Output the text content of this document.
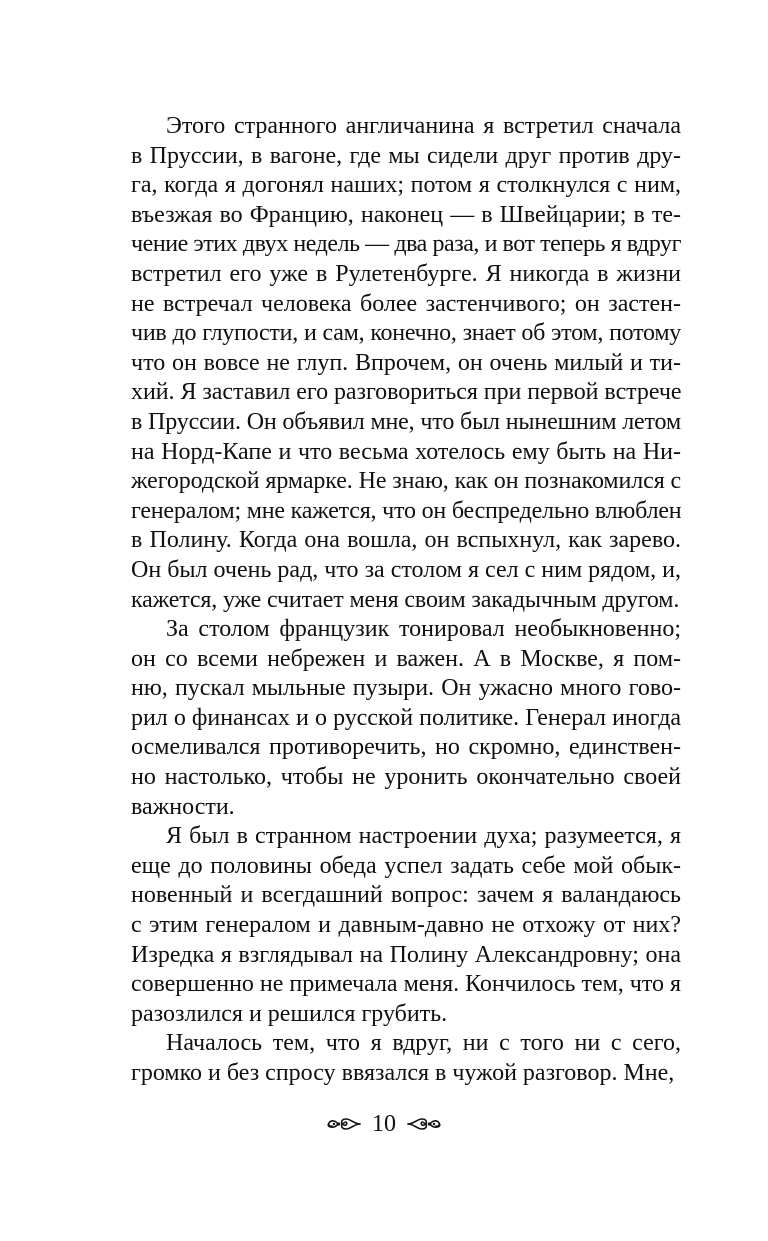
Этого странного англичанина я встретил сначала
в Пруссии, в вагоне, где мы сидели друг против дру-
га, когда я догонял наших; потом я столкнулся с ним,
въезжая во Францию, наконец — в Швейцарии; в те-
чение этих двух недель — два раза, и вот теперь я вдруг
встретил его уже в Рулетенбурге. Я никогда в жизни
не встречал человека более застенчивого; он застен-
чив до глупости, и сам, конечно, знает об этом, потому
что он вовсе не глуп. Впрочем, он очень милый и ти-
хий. Я заставил его разговориться при первой встрече
в Пруссии. Он объявил мне, что был нынешним летом
на Норд-Капе и что весьма хотелось ему быть на Ни-
жегородской ярмарке. Не знаю, как он познакомился с
генералом; мне кажется, что он беспредельно влюблен
в Полину. Когда она вошла, он вспыхнул, как зарево.
Он был очень рад, что за столом я сел с ним рядом, и,
кажется, уже считает меня своим закадычным другом.
За столом французик тонировал необыкновенно;
он со всеми небрежен и важен. А в Москве, я пом-
ню, пускал мыльные пузыри. Он ужасно много гово-
рил о финансах и о русской политике. Генерал иногда
осмеливался противоречить, но скромно, единствен-
но настолько, чтобы не уронить окончательно своей
важности.
Я был в странном настроении духа; разумеется, я
еще до половины обеда успел задать себе мой обык-
новенный и всегдашний вопрос: зачем я валандаюсь
с этим генералом и давным-давно не отхожу от них?
Изредка я взглядывал на Полину Александровну; она
совершенно не примечала меня. Кончилось тем, что я
разозлился и решился грубить.
Началось тем, что я вдруг, ни с того ни с сего,
громко и без спросу ввязался в чужой разговор. Мне,
10
